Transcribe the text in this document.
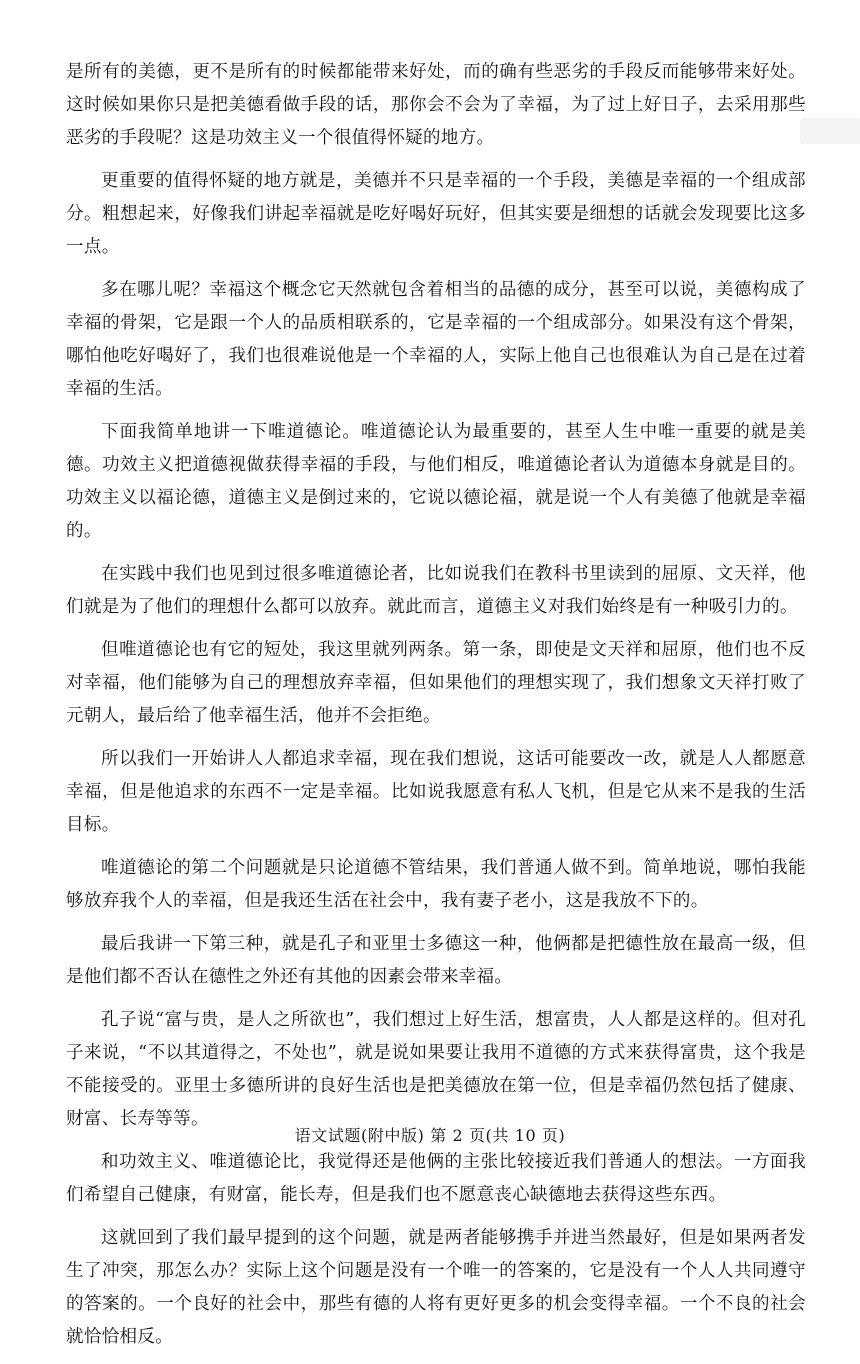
是所有的美德，更不是所有的时候都能带来好处，而的确有些恶劣的手段反而能够带来好处。这时候如果你只是把美德看做手段的话，那你会不会为了幸福，为了过上好日子，去采用那些恶劣的手段呢？这是功效主义一个很值得怀疑的地方。

更重要的值得怀疑的地方就是，美德并不只是幸福的一个手段，美德是幸福的一个组成部分。粗想起来，好像我们讲起幸福就是吃好喝好玩好，但其实要是细想的话就会发现要比这多一点。

多在哪儿呢？幸福这个概念它天然就包含着相当的品德的成分，甚至可以说，美德构成了幸福的骨架，它是跟一个人的品质相联系的，它是幸福的一个组成部分。如果没有这个骨架，哪怕他吃好喝好了，我们也很难说他是一个幸福的人，实际上他自己也很难认为自己是在过着幸福的生活。

下面我简单地讲一下唯道德论。唯道德论认为最重要的，甚至人生中唯一重要的就是美德。功效主义把道德视做获得幸福的手段，与他们相反，唯道德论者认为道德本身就是目的。功效主义以福论德，道德主义是倒过来的，它说以德论福，就是说一个人有美德了他就是幸福的。

在实践中我们也见到过很多唯道德论者，比如说我们在教科书里读到的屈原、文天祥，他们就是为了他们的理想什么都可以放弃。就此而言，道德主义对我们始终是有一种吸引力的。

但唯道德论也有它的短处，我这里就列两条。第一条，即使是文天祥和屈原，他们也不反对幸福，他们能够为自己的理想放弃幸福，但如果他们的理想实现了，我们想象文天祥打败了元朝人，最后给了他幸福生活，他并不会拒绝。

所以我们一开始讲人人都追求幸福，现在我们想说，这话可能要改一改，就是人人都愿意幸福，但是他追求的东西不一定是幸福。比如说我愿意有私人飞机，但是它从来不是我的生活目标。

唯道德论的第二个问题就是只论道德不管结果，我们普通人做不到。简单地说，哪怕我能够放弃我个人的幸福，但是我还生活在社会中，我有妻子老小，这是我放不下的。

最后我讲一下第三种，就是孔子和亚里士多德这一种，他俩都是把德性放在最高一级，但是他们都不否认在德性之外还有其他的因素会带来幸福。

孔子说“富与贵，是人之所欲也”，我们想过上好生活，想富贵，人人都是这样的。但对孔子来说，“不以其道得之，不处也”，就是说如果要让我用不道德的方式来获得富贵，这个我是不能接受的。亚里士多德所讲的良好生活也是把美德放在第一位，但是幸福仍然包括了健康、财富、长寿等等。

和功效主义、唯道德论比，我觉得还是他俩的主张比较接近我们普通人的想法。一方面我们希望自己健康，有财富，能长寿，但是我们也不愿意丧心缺德地去获得这些东西。

这就回到了我们最早提到的这个问题，就是两者能够携手并进当然最好，但是如果两者发生了冲突，那怎么办？实际上这个问题是没有一个唯一的答案的，它是没有一个人人共同遵守的答案的。一个良好的社会中，那些有德的人将有更好更多的机会变得幸福。一个不良的社会就恰恰相反。

语文试题(附中版) 第 2 页(共 10 页)
